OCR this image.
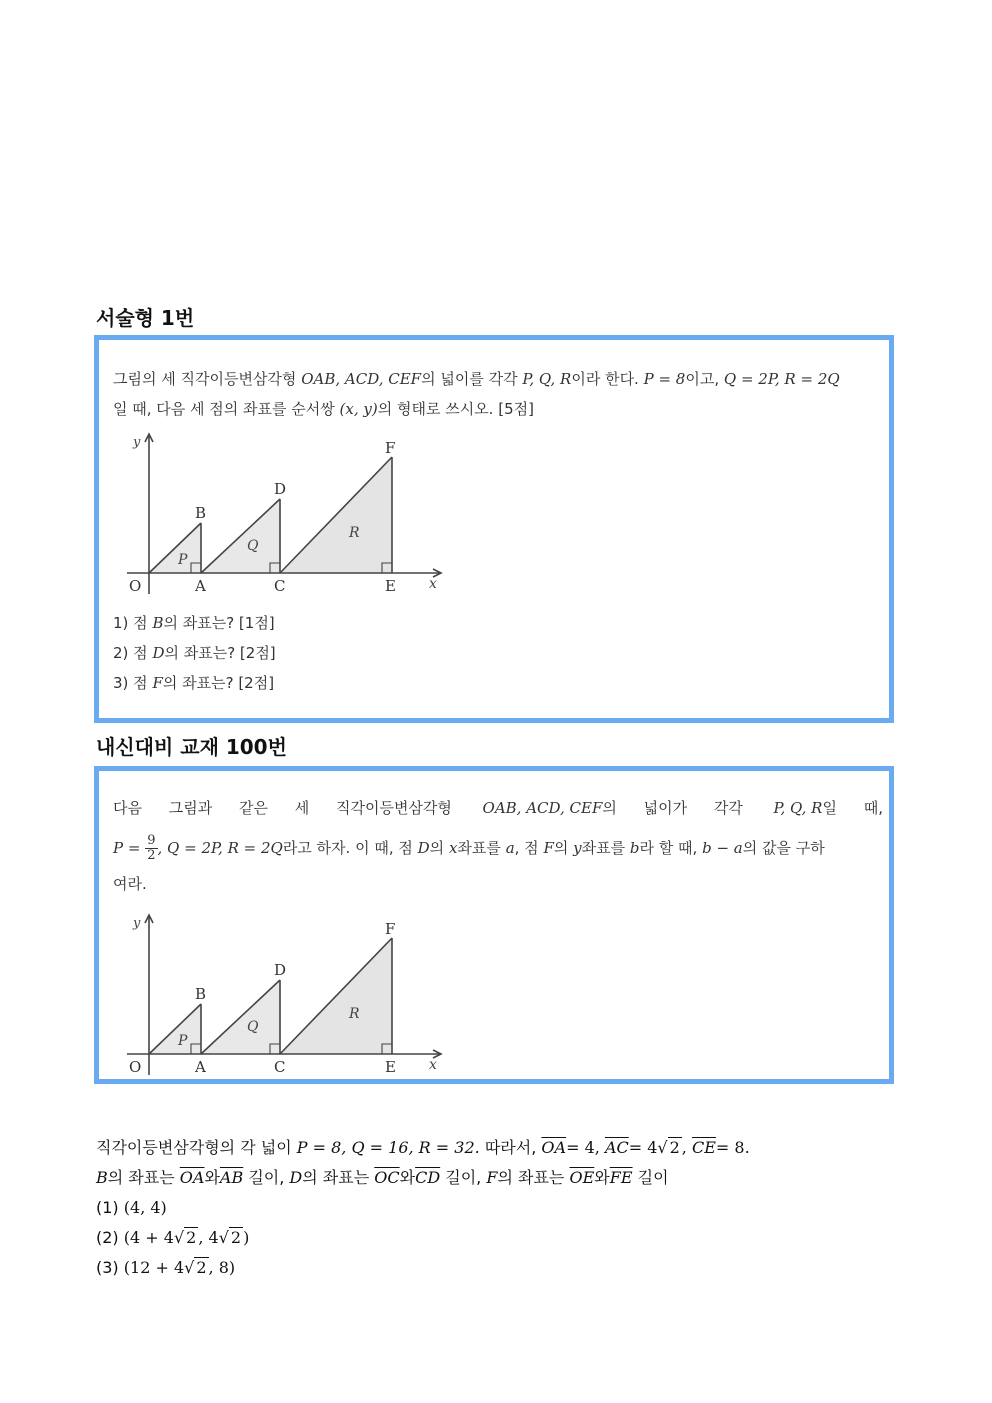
서술형 1번
그림의 세 직각이등변삼각형 OAB, ACD, CEF의 넓이를 각각 P, Q, R이라 한다. P = 8이고, Q = 2P, R = 2Q
일 때, 다음 세 점의 좌표를 순서쌍 (x, y)의 형태로 쓰시오. [5점]
y
x
O	A
B
C
D
E
F
P
Q
R
1) 점 B의 좌표는? [1점]
2) 점 D의 좌표는? [2점]
3) 점 F의 좌표는? [2점]
내신대비 교재 100번
다음 그림과 같은 세 직각이등변삼각형 OAB, ACD, CEF의 넓이가 각각 P, Q, R일 때,
$P = \frac{9}{2}$ , Q = 2P, R = 2Q라고 하자. 이 때, 점 D의 x좌표를 a, 점 F의 y좌표를 b라 할 때, b − a의 값을 구하
여라.
y
x
O	A
B
C
D
E
F
P
Q
R
직각이등변삼각형의 각 넓이 P = 8, Q = 16, R = 32. 따라서, $\overline{OA}= 4$, $\overline{AC}= 4√$ 2 , $\overline{CE}= 8$.
B의 좌표는 $\overline{OA}$와$\overline{AB}$ 길이, D의 좌표는 $\overline{OC}$와$\overline{CD}$ 길이, F의 좌표는 $\overline{OE}$와$\overline{FE}$ 길이
(1) (4, 4)
(2) (4 + 4√ 2 , 4√ 2 )
(3) (12 + 4√ 2 , 8)
